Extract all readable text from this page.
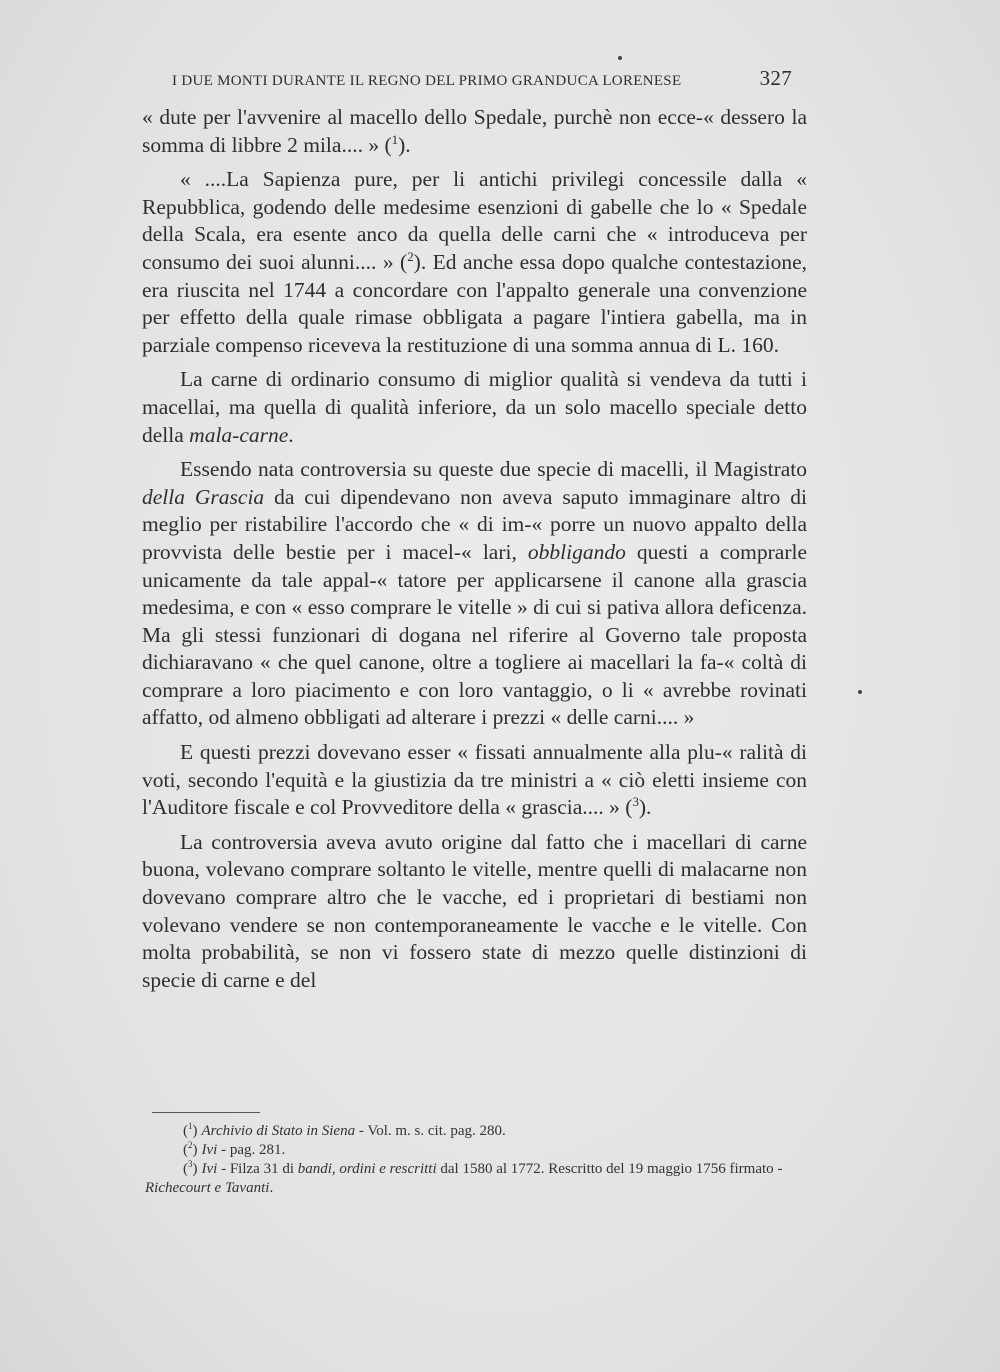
I DUE MONTI DURANTE IL REGNO DEL PRIMO GRANDUCA LORENESE	327

« dute per l'avvenire al macello dello Spedale, purchè non ecce-« dessero la somma di libbre 2 mila.... » ($^1$).

« ....La Sapienza pure, per li antichi privilegi concessile dalla « Repubblica, godendo delle medesime esenzioni di gabelle che lo « Spedale della Scala, era esente anco da quella delle carni che « introduceva per consumo dei suoi alunni.... » ($^2$). Ed anche essa dopo qualche contestazione, era riuscita nel 1744 a concordare con l'appalto generale una convenzione per effetto della quale rimase obbligata a pagare l'intiera gabella, ma in parziale compenso riceveva la restituzione di una somma annua di L. 160.

La carne di ordinario consumo di miglior qualità si vendeva da tutti i macellai, ma quella di qualità inferiore, da un solo macello speciale detto della mala-carne.

Essendo nata controversia su queste due specie di macelli, il Magistrato della Grascia da cui dipendevano non aveva saputo immaginare altro di meglio per ristabilire l'accordo che « di im-« porre un nuovo appalto della provvista delle bestie per i macel-« lari, obbligando questi a comprarle unicamente da tale appal-« tatore per applicarsene il canone alla grascia medesima, e con « esso comprare le vitelle » di cui si pativa allora deficenza. Ma gli stessi funzionari di dogana nel riferire al Governo tale proposta dichiaravano « che quel canone, oltre a togliere ai macellari la fa-« coltà di comprare a loro piacimento e con loro vantaggio, o li « avrebbe rovinati affatto, od almeno obbligati ad alterare i prezzi « delle carni.... »

E questi prezzi dovevano esser « fissati annualmente alla plu-« ralità di voti, secondo l'equità e la giustizia da tre ministri a « ciò eletti insieme con l'Auditore fiscale e col Provveditore della « grascia.... » ($^3$).

La controversia aveva avuto origine dal fatto che i macellari di carne buona, volevano comprare soltanto le vitelle, mentre quelli di malacarne non dovevano comprare altro che le vacche, ed i proprietari di bestiami non volevano vendere se non contemporaneamente le vacche e le vitelle. Con molta probabilità, se non vi fossero state di mezzo quelle distinzioni di specie di carne e del

($^1$) Archivio di Stato in Siena - Vol. m. s. cit. pag. 280.

($^2$) Ivi - pag. 281.

($^3$) Ivi - Filza 31 di bandi, ordini e rescritti dal 1580 al 1772. Rescritto del 19 maggio 1756 firmato - Richecourt e Tavanti.
